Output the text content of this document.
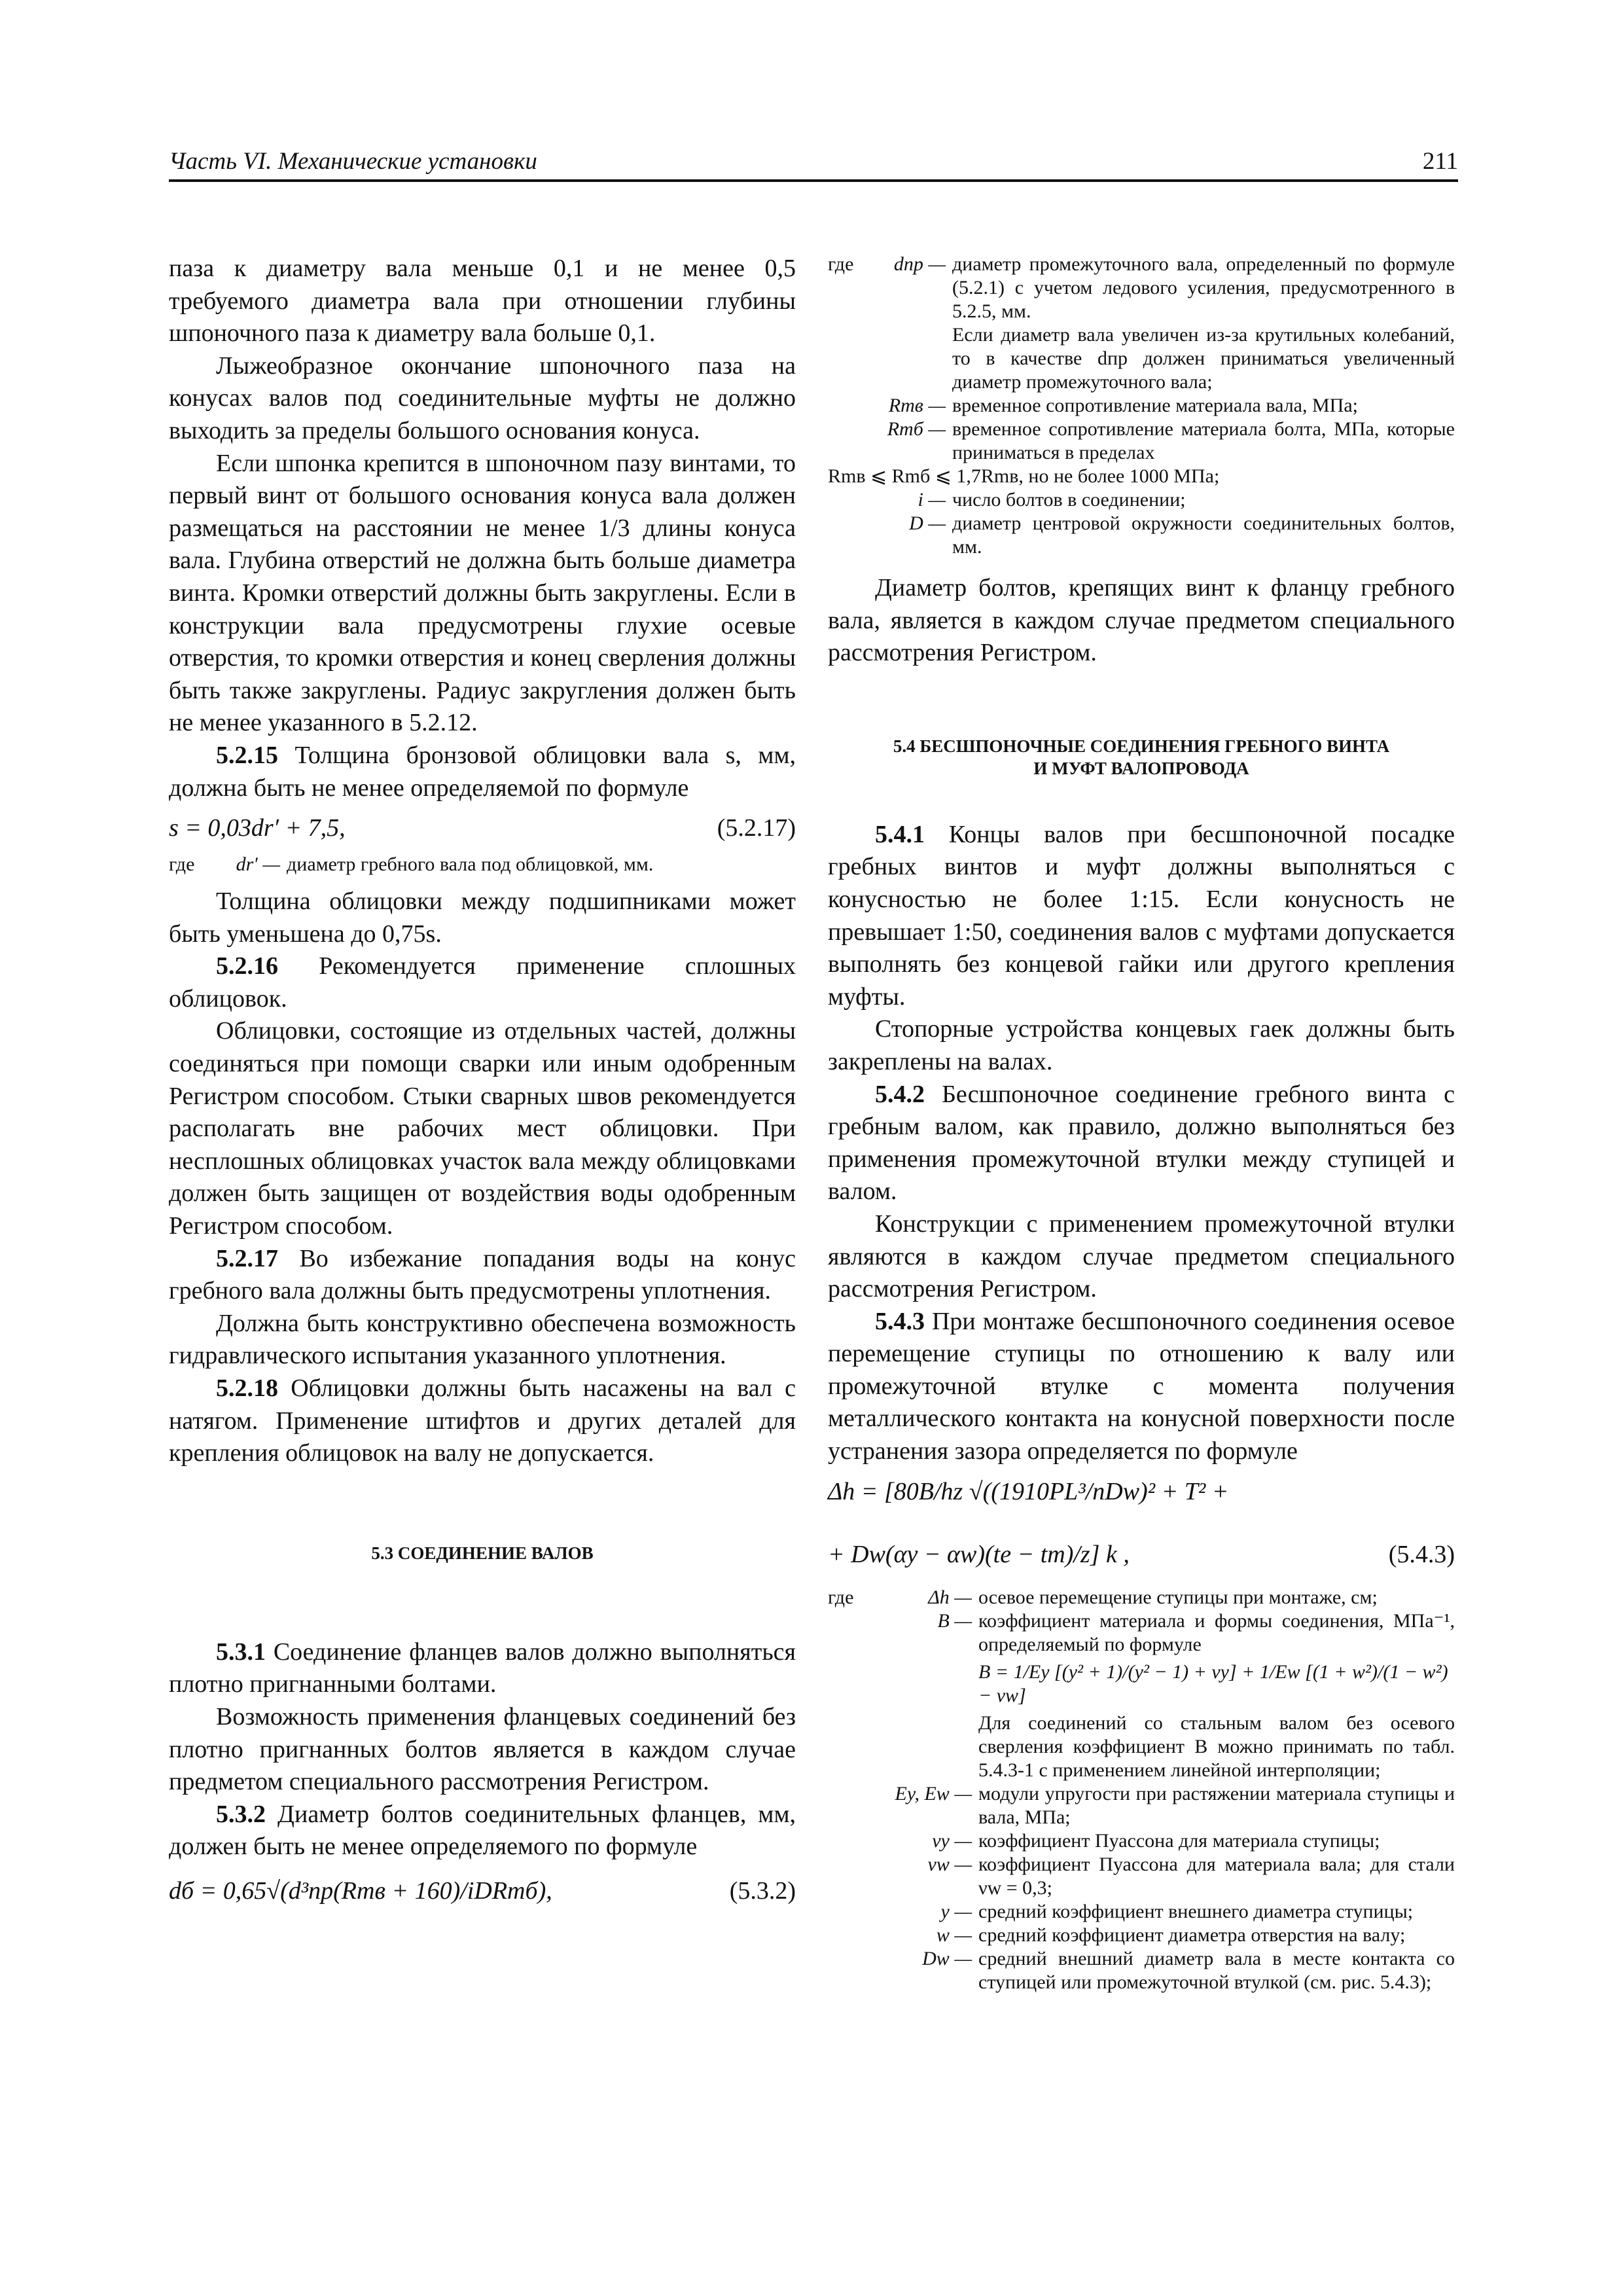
Часть VI. Механические установки	211

паза к диаметру вала меньше 0,1 и не менее 0,5 требуемого диаметра вала при отношении глубины шпоночного паза к диаметру вала больше 0,1.

Лыжеобразное окончание шпоночного паза на конусах валов под соединительные муфты не должно выходить за пределы большого основания конуса.

Если шпонка крепится в шпоночном пазу винтами, то первый винт от большого основания конуса вала должен размещаться на расстоянии не менее 1/3 длины конуса вала. Глубина отверстий не должна быть больше диаметра винта. Кромки отверстий должны быть закруглены. Если в конструкции вала предусмотрены глухие осевые отверстия, то кромки отверстия и конец сверления должны быть также закруглены. Радиус закругления должен быть не менее указанного в 5.2.12.

5.2.15 Толщина бронзовой облицовки вала s, мм, должна быть не менее определяемой по формуле

s = 0,03dr′ + 7,5,	(5.2.17)
где	dr′ — диаметр гребного вала под облицовкой, мм.

Толщина облицовки между подшипниками может быть уменьшена до 0,75s.

5.2.16 Рекомендуется применение сплошных облицовок.

Облицовки, состоящие из отдельных частей, должны соединяться при помощи сварки или иным одобренным Регистром способом. Стыки сварных швов рекомендуется располагать вне рабочих мест облицовки. При несплошных облицовках участок вала между облицовками должен быть защищен от воздействия воды одобренным Регистром способом.

5.2.17 Во избежание попадания воды на конус гребного вала должны быть предусмотрены уплотнения.

Должна быть конструктивно обеспечена возможность гидравлического испытания указанного уплотнения.

5.2.18 Облицовки должны быть насажены на вал с натягом. Применение штифтов и других деталей для крепления облицовок на валу не допускается.

5.3 СОЕДИНЕНИЕ ВАЛОВ

5.3.1 Соединение фланцев валов должно выполняться плотно пригнанными болтами.

Возможность применения фланцевых соединений без плотно пригнанных болтов является в каждом случае предметом специального рассмотрения Регистром.

5.3.2 Диаметр болтов соединительных фланцев, мм, должен быть не менее определяемого по формуле

dб = 0,65√(d³пр(Rmв + 160)/iDRmб),	(5.3.2)
где	dпр — диаметр промежуточного вала, определенный по формуле (5.2.1) с учетом ледового усиления, предусмотренного в 5.2.5, мм.
Если диаметр вала увеличен из-за крутильных колебаний, то в качестве dпр должен приниматься увеличенный диаметр промежуточного вала;
Rmв — временное сопротивление материала вала, МПа;
Rmб — временное сопротивление материала болта, МПа, которые приниматься в пределах
Rmв ⩽ Rmб ⩽ 1,7Rmв, но не более 1000 МПа;
i — число болтов в соединении;
D — диаметр центровой окружности соединительных болтов, мм.

Диаметр болтов, крепящих винт к фланцу гребного вала, является в каждом случае предметом специального рассмотрения Регистром.

5.4 БЕСШПОНОЧНЫЕ СОЕДИНЕНИЯ ГРЕБНОГО ВИНТА
И МУФТ ВАЛОПРОВОДА

5.4.1 Концы валов при бесшпоночной посадке гребных винтов и муфт должны выполняться с конусностью не более 1:15. Если конусность не превышает 1:50, соединения валов с муфтами допускается выполнять без концевой гайки или другого крепления муфты.

Стопорные устройства концевых гаек должны быть закреплены на валах.

5.4.2 Бесшпоночное соединение гребного винта с гребным валом, как правило, должно выполняться без применения промежуточной втулки между ступицей и валом.

Конструкции с применением промежуточной втулки являются в каждом случае предметом специального рассмотрения Регистром.

5.4.3 При монтаже бесшпоночного соединения осевое перемещение ступицы по отношению к валу или промежуточной втулке с момента получения металлического контакта на конусной поверхности после устранения зазора определяется по формуле

Δh = [80B/hz √((1910PL³/nDw)² + T² +
+ Dw(αy − αw)(te − tm)/z] k ,	(5.4.3)
где	Δh — осевое перемещение ступицы при монтаже, см;
B — коэффициент материала и формы соединения, МПа⁻¹, определяемый по формуле
B = 1/Ey [(y² + 1)/(y² − 1) + νy] + 1/Ew [(1 + w²)/(1 − w²) − νw]
Для соединений со стальным валом без осевого сверления коэффициент B можно принимать по табл. 5.4.3-1 с применением линейной интерполяции;
Ey, Ew — модули упругости при растяжении материала ступицы и вала, МПа;
νy — коэффициент Пуассона для материала ступицы;
νw — коэффициент Пуассона для материала вала; для стали νw = 0,3;
y — средний коэффициент внешнего диаметра ступицы;
w — средний коэффициент диаметра отверстия на валу;
Dw — средний внешний диаметр вала в месте контакта со ступицей или промежуточной втулкой (см. рис. 5.4.3);
